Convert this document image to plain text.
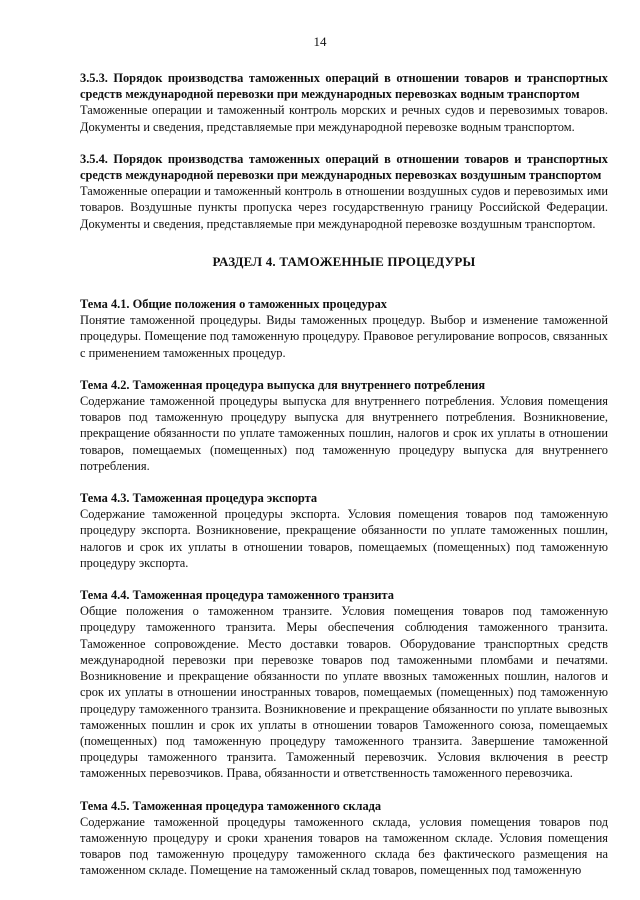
14
3.5.3. Порядок производства таможенных операций в отношении товаров и транспортных средств международной перевозки при международных перевозках водным транспортом
Таможенные операции и таможенный контроль морских и речных судов и перевозимых товаров. Документы и сведения, представляемые при международной перевозке водным транспортом.
3.5.4. Порядок производства таможенных операций в отношении товаров и транспортных средств международной перевозки при международных перевозках воздушным транспортом
Таможенные операции и таможенный контроль в отношении воздушных судов и перевозимых ими товаров. Воздушные пункты пропуска через государственную границу Российской Федерации. Документы и сведения, представляемые при международной перевозке воздушным транспортом.
РАЗДЕЛ 4. ТАМОЖЕННЫЕ ПРОЦЕДУРЫ
Тема 4.1. Общие положения о таможенных процедурах
Понятие таможенной процедуры. Виды таможенных процедур. Выбор и изменение таможенной процедуры. Помещение под таможенную процедуру. Правовое регулирование вопросов, связанных с применением таможенных процедур.
Тема 4.2. Таможенная процедура выпуска для внутреннего потребления
Содержание таможенной процедуры выпуска для внутреннего потребления. Условия помещения товаров под таможенную процедуру выпуска для внутреннего потребления. Возникновение, прекращение обязанности по уплате таможенных пошлин, налогов и срок их уплаты в отношении товаров, помещаемых (помещенных) под таможенную процедуру выпуска для внутреннего потребления.
Тема 4.3. Таможенная процедура экспорта
Содержание таможенной процедуры экспорта. Условия помещения товаров под таможенную процедуру экспорта. Возникновение, прекращение обязанности по уплате таможенных пошлин, налогов и срок их уплаты в отношении товаров, помещаемых (помещенных) под таможенную процедуру экспорта.
Тема 4.4. Таможенная процедура таможенного транзита
Общие положения о таможенном транзите. Условия помещения товаров под таможенную процедуру таможенного транзита. Меры обеспечения соблюдения таможенного транзита. Таможенное сопровождение. Место доставки товаров. Оборудование транспортных средств международной перевозки при перевозке товаров под таможенными пломбами и печатями. Возникновение и прекращение обязанности по уплате ввозных таможенных пошлин, налогов и срок их уплаты в отношении иностранных товаров, помещаемых (помещенных) под таможенную процедуру таможенного транзита. Возникновение и прекращение обязанности по уплате вывозных таможенных пошлин и срок их уплаты в отношении товаров Таможенного союза, помещаемых (помещенных) под таможенную процедуру таможенного транзита. Завершение таможенной процедуры таможенного транзита. Таможенный перевозчик. Условия включения в реестр таможенных перевозчиков. Права, обязанности и ответственность таможенного перевозчика.
Тема 4.5. Таможенная процедура таможенного склада
Содержание таможенной процедуры таможенного склада, условия помещения товаров под таможенную процедуру и сроки хранения товаров на таможенном складе. Условия помещения товаров под таможенную процедуру таможенного склада без фактического размещения на таможенном складе. Помещение на таможенный склад товаров, помещенных под таможенную
